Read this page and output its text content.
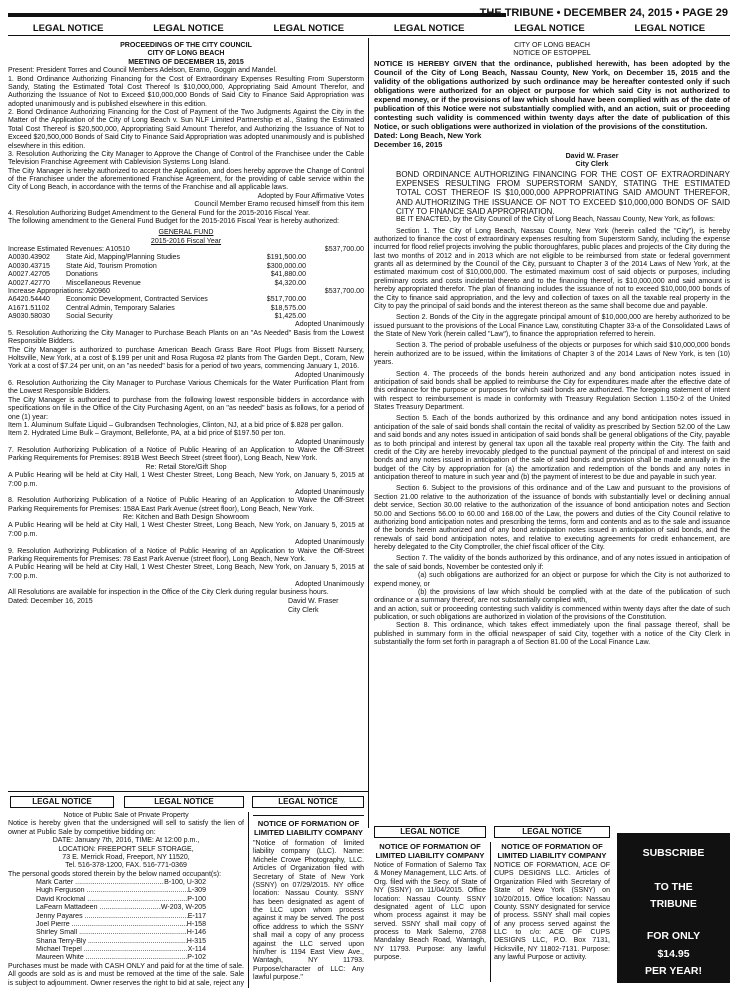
THE TRIBUNE • DECEMBER 24, 2015 • PAGE 29
LEGAL NOTICE	LEGAL NOTICE	LEGAL NOTICE	LEGAL NOTICE	LEGAL NOTICE	LEGAL NOTICE

PROCEEDINGS OF THE CITY COUNCIL

CITY OF LONG BEACH

MEETING OF DECEMBER 15, 2015

Present: President Torres and Council Members Adelson, Eramo, Goggin and Mandel.

1. Bond Ordinance Authorizing Financing for the Cost of Extraordinary Expenses Resulting From Superstorm Sandy, Stating the Estimated Total Cost Thereof Is $10,000,000, Appropriating Said Amount Therefor, and Authorizing the Issuance of Not to Exceed $10,000,000 Bonds of Said City to Finance Said Appropriation was adopted unanimously and is published elsewhere in this edition.

2. Bond Ordinance Authorizing Financing for the Cost of Payment of the Two Judgments Against the City in the Matter of the Application of the City of Long Beach v. Sun NLF Limited Partnership et al., Stating the Estimated Total Cost Thereof is $20,500,000, Appropriating Said Amount Therefor, and Authorizing the Issuance of Not to Exceed $20,500,000 Bonds of Said City to Finance Said Appropriation was adopted unanimously and is published elsewhere in this edition.

3. Resolution Authorizing the City Manager to Approve the Change of Control of the Franchisee under the Cable Television Franchise Agreement with Cablevision Systems Long Island.

The City Manager is hereby authorized to accept the Application, and does hereby approve the Change of Control of the Franchisee under the aforementioned Franchise Agreement, for the providing of cable service within the City of Long Beach, in accordance with the terms of the Franchise and all applicable laws.

Adopted by Four Affirmative Votes

Council Member Eramo recused himself from this item

4. Resolution Authorizing Budget Amendment to the General Fund for the 2015-2016 Fiscal Year.

The following amendment to the General Fund Budget for the 2015-2016 Fiscal Year is hereby authorized:

GENERAL FUND

2015-2016 Fiscal Year

Increase Estimated Revenues: A10510			$537,700.00
A0030.43902	State Aid, Mapping/Planning Studies	$191,500.00	
A0030.43715	State Aid, Tourism Promotion	$300,000.00	
A0027.42705	Donations	$41,880.00	
A0027.42770	Miscellaneous Revenue	$4,320.00	
Increase Appropriations: A20960			$537,700.00
A6420.54440	Economic Development, Contracted Services	$517,700.00	
A1671.51102	Central Admin, Temporary Salaries	$18,575.00	
A9030.58030	Social Security	$1,425.00	

Adopted Unanimously

5. Resolution Authorizing the City Manager to Purchase Beach Plants on an "As Needed" Basis from the Lowest Responsible Bidders.

The City Manager is authorized to purchase American Beach Grass Bare Root Plugs from Bissett Nursery, Holtsville, New York, at a cost of $.199 per unit and Rosa Rugosa #2 plants from The Garden Dept., Coram, New York at a cost of $7.24 per unit, on an "as needed" basis for a period of two years, commencing January 1, 2016.

Adopted Unanimously

6. Resolution Authorizing the City Manager to Purchase Various Chemicals for the Water Purification Plant from the Lowest Responsible Bidders.

The City Manager is authorized to purchase from the following lowest responsible bidders in accordance with specifications on file in the Office of the City Purchasing Agent, on an "as needed" basis as follows, for a period of one (1) year:

Item 1. Aluminum Sulfate Liquid – Gulbrandsen Technologies, Clinton, NJ, at a bid price of $.828 per gallon.

Item 2. Hydrated Lime Bulk – Graymont, Bellefonte, PA, at a bid price of $197.50 per ton.

Adopted Unanimously

7. Resolution Authorizing Publication of a Notice of Public Hearing of an Application to Waive the Off-Street Parking Requirements for Premises: 891B West Beech Street (street floor), Long Beach, New York.

Re: Retail Store/Gift Shop

A Public Hearing will be held at City Hall, 1 West Chester Street, Long Beach, New York, on January 5, 2015 at 7:00 p.m.

Adopted Unanimously

8. Resolution Authorizing Publication of a Notice of Public Hearing of an Application to Waive the Off-Street Parking Requirements for Premises: 158A East Park Avenue (street floor), Long Beach, New York.

Re: Kitchen and Bath Design Showroom

A Public Hearing will be held at City Hall, 1 West Chester Street, Long Beach, New York, on January 5, 2015 at 7:00 p.m.

Adopted Unanimously

9. Resolution Authorizing Publication of a Notice of Public Hearing of an Application to Waive the Off-Street Parking Requirements for Premises: 78 East Park Avenue (street floor), Long Beach, New York.

A Public Hearing will be held at City Hall, 1 West Chester Street, Long Beach, New York, on January 5, 2015 at 7:00 p.m.

Adopted Unanimously

All Resolutions are available for inspection in the Office of the City Clerk during regular business hours.

Dated: December 16, 2015	David W. Fraser

City Clerk

CITY OF LONG BEACH

NOTICE OF ESTOPPEL

NOTICE IS HEREBY GIVEN that the ordinance, published herewith, has been adopted by the Council of the City of Long Beach, Nassau County, New York, on December 15, 2015 and the validity of the obligations authorized by such ordinance may be hereafter contested only if such obligations were authorized for an object or purpose for which said City is not authorized to expend money, or if the provisions of law which should have been complied with as of the date of publication of this Notice were not substantially complied with, and an action, suit or proceeding contesting such validity is commenced within twenty days after the date of publication of this Notice, or such obligations were authorized in violation of the provisions of the constitution.

Dated: Long Beach, New York

December 16, 2015

David W. Fraser

City Clerk

BOND ORDINANCE AUTHORIZING FINANCING FOR THE COST OF EXTRAORDINARY EXPENSES RESULTING FROM SUPERSTORM SANDY, STATING THE ESTIMATED TOTAL COST THEREOF IS $10,000,000 APPROPRIATING SAID AMOUNT THEREFOR, AND AUTHORIZING THE ISSUANCE OF NOT TO EXCEED $10,000,000 BONDS OF SAID CITY TO FINANCE SAID APPROPRIATION.

BE IT ENACTED, by the City Council of the City of Long Beach, Nassau County, New York, as follows:

Section 1. The City of Long Beach, Nassau County, New York (herein called the "City"), is hereby authorized to finance the cost of extraordinary expenses resulting from Superstorm Sandy, including the expense incurred for flood relief projects involving the public thoroughfares, public places and projects of the City during the last two months of 2012 and in 2013 which are not eligible to be reimbursed from state or federal government grants all as determined by the Council of the City, pursuant to Chapter 3 of the 2014 Laws of New York, at the estimated maximum cost of $10,000,000. The estimated maximum cost of said objects or purposes, including preliminary costs and costs incidental thereto and to the financing thereof, is $10,000,000 and said amount is hereby appropriated therefor. The plan of financing includes the issuance of not to exceed $10,000,000 bonds of the City to finance said appropriation, and the levy and collection of taxes on all the taxable real property in the City to pay the principal of said bonds and the interest thereon as the same shall become due and payable.

Section 2. Bonds of the City in the aggregate principal amount of $10,000,000 are hereby authorized to be issued pursuant to the provisions of the Local Finance Law, constituting Chapter 33-a of the Consolidated Laws of the State of New York (herein called "Law"), to finance the appropriation referred to herein.

Section 3. The period of probable usefulness of the objects or purposes for which said $10,000,000 bonds herein authorized are to be issued, within the limitations of Chapter 3 of the 2014 Laws of New York, is ten (10) years.

Section 4. The proceeds of the bonds herein authorized and any bond anticipation notes issued in anticipation of said bonds shall be applied to reimburse the City for expenditures made after the effective date of this ordinance for the purpose or purposes for which said bonds are authorized. The foregoing statement of intent with respect to reimbursement is made in conformity with Treasury Regulation Section 1.150-2 of the United States Treasury Department.

Section 5. Each of the bonds authorized by this ordinance and any bond anticipation notes issued in anticipation of the sale of said bonds shall contain the recital of validity as prescribed by Section 52.00 of the Law and said bonds and any notes issued in anticipation of said bonds shall be general obligations of the City, payable as to both principal and interest by general tax upon all the taxable real property within the City. The faith and credit of the City are hereby irrevocably pledged to the punctual payment of the principal of and interest on said bonds and any notes issued in anticipation of the sale of said bonds and provision shall be made annually in the budget of the City by appropriation for (a) the amortization and redemption of the bonds and any notes in anticipation thereof to mature in such year and (b) the payment of interest to be due and payable in such year.

Section 6. Subject to the provisions of this ordinance and of the Law and pursuant to the provisions of Section 21.00 relative to the authorization of the issuance of bonds with substantially level or declining annual debt service, Section 30.00 relative to the authorization of the issuance of bond anticipation notes and Section 50.00 and Sections 56.00 to 60.00 and 168.00 of the Law, the powers and duties of the City Council relative to authorizing bond anticipation notes and prescribing the terms, form and contents and as to the sale and issuance of the bonds herein authorized and of any bond anticipation notes issued in anticipation of said bonds, and the renewals of said bond anticipation notes, and relative to executing agreements for credit enhancement, are hereby delegated to the City Comptroller, the chief fiscal officer of the City.

Section 7. The validity of the bonds authorized by this ordinance, and of any notes issued in anticipation of the sale of said bonds, November be contested only if:

(a) such obligations are authorized for an object or purpose for which the City is not authorized to expend money, or

(b) the provisions of law which should be complied with at the date of the publication of such ordinance or a summary thereof, are not substantially complied with,

and an action, suit or proceeding contesting such validity is commenced within twenty days after the date of such publication, or such obligations are authorized in violation of the provisions of the Constitution.

Section 8. This ordinance, which takes effect immediately upon the final passage thereof, shall be published in summary form in the official newspaper of said City, together with a notice of the City Clerk in substantially the form set forth in paragraph a of Section 81.00 of the Local Finance Law.

LEGAL NOTICE	LEGAL NOTICE	LEGAL NOTICE

Notice of Public Sale of Private Property

Notice is hereby given that the undersigned will sell to satisfy the lien of owner at Public Sale by competitive bidding on:

DATE: January 7th, 2016, TIME: At 12:00 p.m.,

LOCATION: FREEPORT SELF STORAGE,

73 E. Merrick Road, Freeport, NY 11520,

Tel. 516-378-1200, FAX. 516-771-0369

The personal goods stored therein by the below named occupant(s):

Mark Carter .....	B-100, U-302
Hugh Ferguson .....	L-309
David Krockmal .....	P-100
LaFearn Mattadeen .....	W-203, W-205
Jenny Payares .....	E-117
Joel Pierre .....	H-158
Shirley Small .....	H-146
Sharia Terry-Bly .....	H-315
Michael Trepel .....	X-114
Maureen White .....	P-102

Purchases must be made with CASH ONLY and paid for at the time of sale. All goods are sold as is and must be removed at the time of the sale. Sale is subject to adjournment. Owner reserves the right to bid at sale, reject any

NOTICE OF FORMATION OF LIMITED LIABILITY COMPANY

"Notice of formation of limited liability company (LLC). Name: Michele Crowe Photography, LLC. Articles of Organization filed with Secretary of State of New York (SSNY) on 07/29/2015. NY office location: Nassau County. SSNY has been designated as agent of the LLC upon whom process against it may be served. The post office address to which the SSNY shall mail a copy of any process against the LLC served upon him/her is 1194 East View Ave., Wantagh, NY 11793. Purpose/character of LLC: Any lawful purpose."

LEGAL NOTICE	LEGAL NOTICE

NOTICE OF FORMATION OF LIMITED LIABILITY COMPANY

Notice of Formation of Salerno Tax & Money Management, LLC Arts. of Org. filed with the Secy. of State of NY (SSNY) on 11/04/2015. Office location: Nassau County. SSNY designated agent of LLC upon whom process against it may be served. SSNY shall mail copy of process to Mark Salerno, 2768 Mandalay Beach Road, Wantagh, NY 11793. Purpose: any lawful purpose.

NOTICE OF FORMATION OF LIMITED LIABILITY COMPANY

NOTICE OF FORMATION, ACE OF CUPS DESIGNS LLC. Articles of Organization Filed with Secretary of State of New York (SSNY) on 10/20/2015. Office location: Nassau County. SSNY designated for service of process. SSNY shall mail copies of any process served against the LLC to c/o: ACE OF CUPS DESIGNS LLC, P.O. Box 7131, Hicksville, NY 11802-7131. Purpose: any lawful Purpose or activity.

SUBSCRIBE

TO THE

TRIBUNE

FOR ONLY

$14.95

PER YEAR!
